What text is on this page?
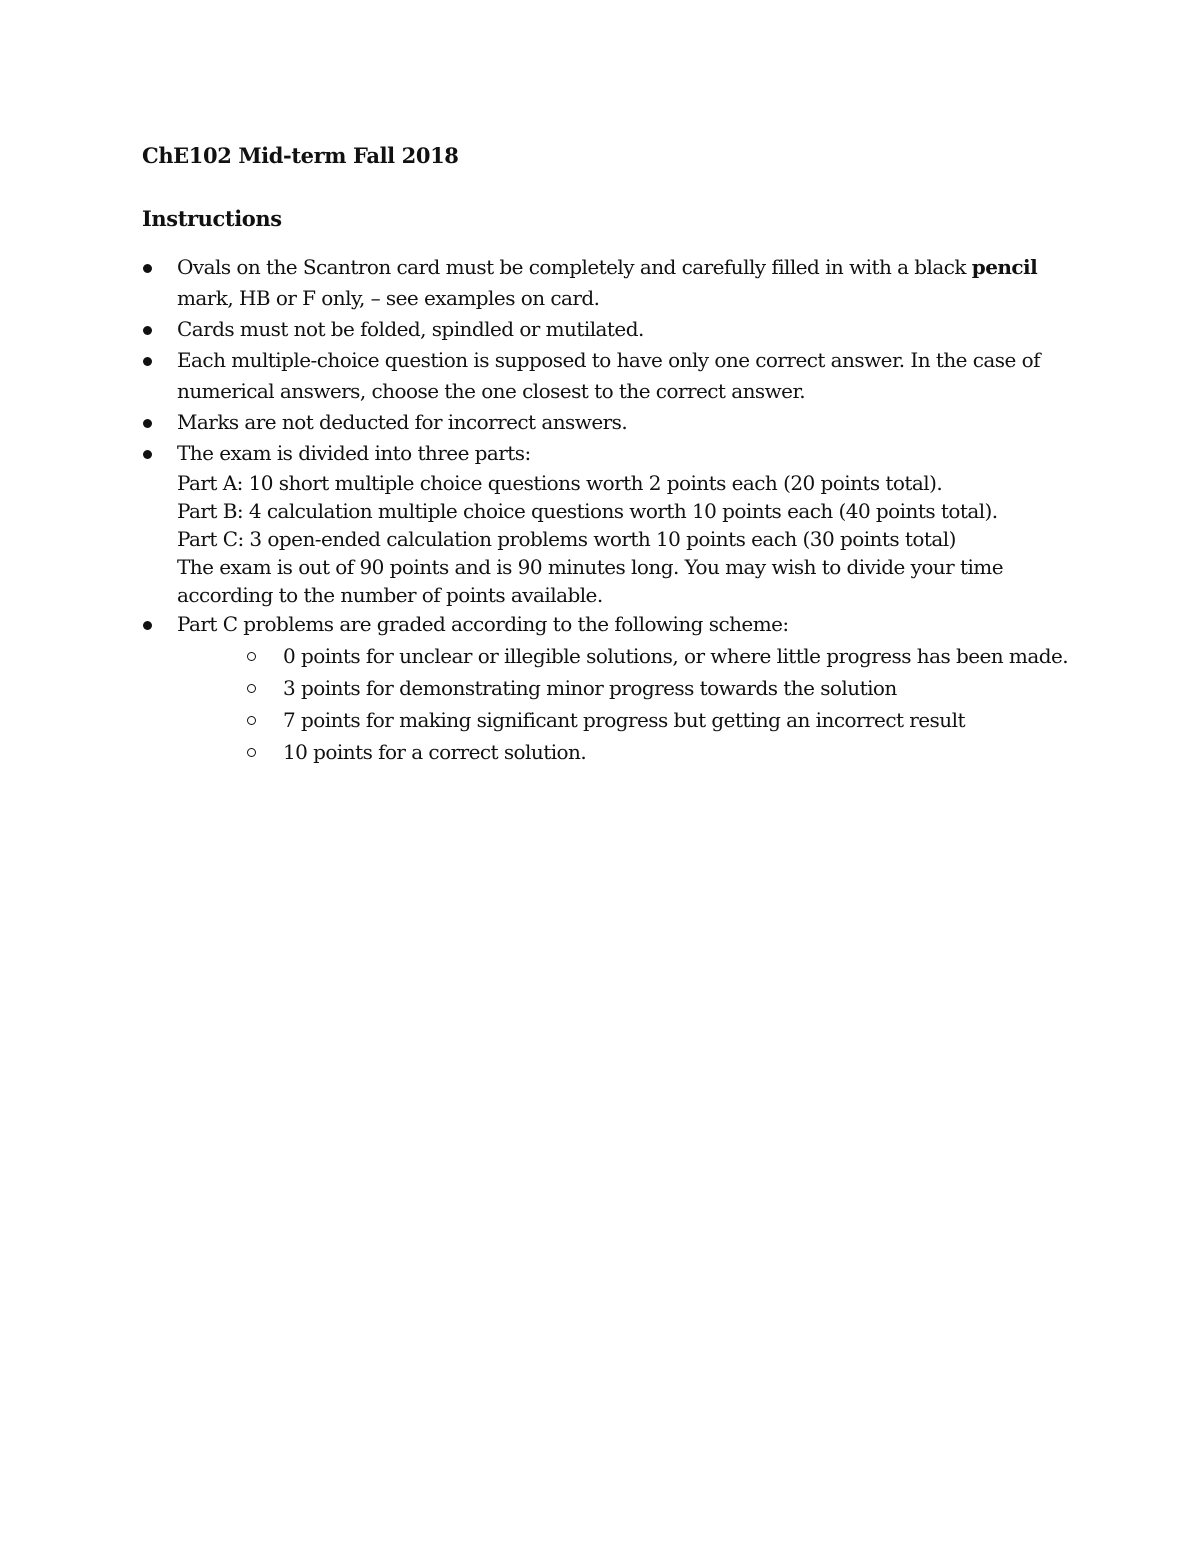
ChE102 Mid-term Fall 2018
Instructions
Ovals on the Scantron card must be completely and carefully filled in with a black pencil mark, HB or F only, – see examples on card.
Cards must not be folded, spindled or mutilated.
Each multiple-choice question is supposed to have only one correct answer. In the case of numerical answers, choose the one closest to the correct answer.
Marks are not deducted for incorrect answers.
The exam is divided into three parts:
Part A: 10 short multiple choice questions worth 2 points each (20 points total).
Part B: 4 calculation multiple choice questions worth 10 points each (40 points total).
Part C: 3 open-ended calculation problems worth 10 points each (30 points total)
The exam is out of 90 points and is 90 minutes long. You may wish to divide your time according to the number of points available.
Part C problems are graded according to the following scheme:
0 points for unclear or illegible solutions, or where little progress has been made.
3 points for demonstrating minor progress towards the solution
7 points for making significant progress but getting an incorrect result
10 points for a correct solution.
